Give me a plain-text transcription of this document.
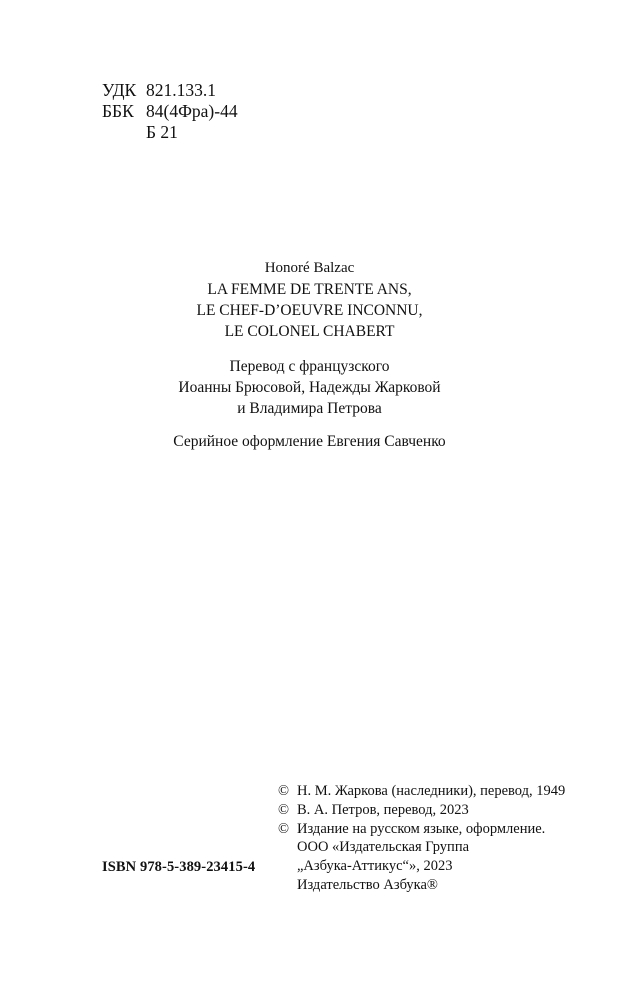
УДК 821.133.1
ББК 84(4Фра)-44
Б 21
Honoré Balzac
LA FEMME DE TRENTE ANS,
LE CHEF-D’OEUVRE INCONNU,
LE COLONEL CHABERT
Перевод с французского
Иоанны Брюсовой, Надежды Жарковой
и Владимира Петрова
Серийное оформление Евгения Савченко
© Н. М. Жаркова (наследники), перевод, 1949
© В. А. Петров, перевод, 2023
© Издание на русском языке, оформление.
ООО «Издательская Группа
„Азбука-Аттикус“», 2023
Издательство Азбука®
ISBN 978-5-389-23415-4
